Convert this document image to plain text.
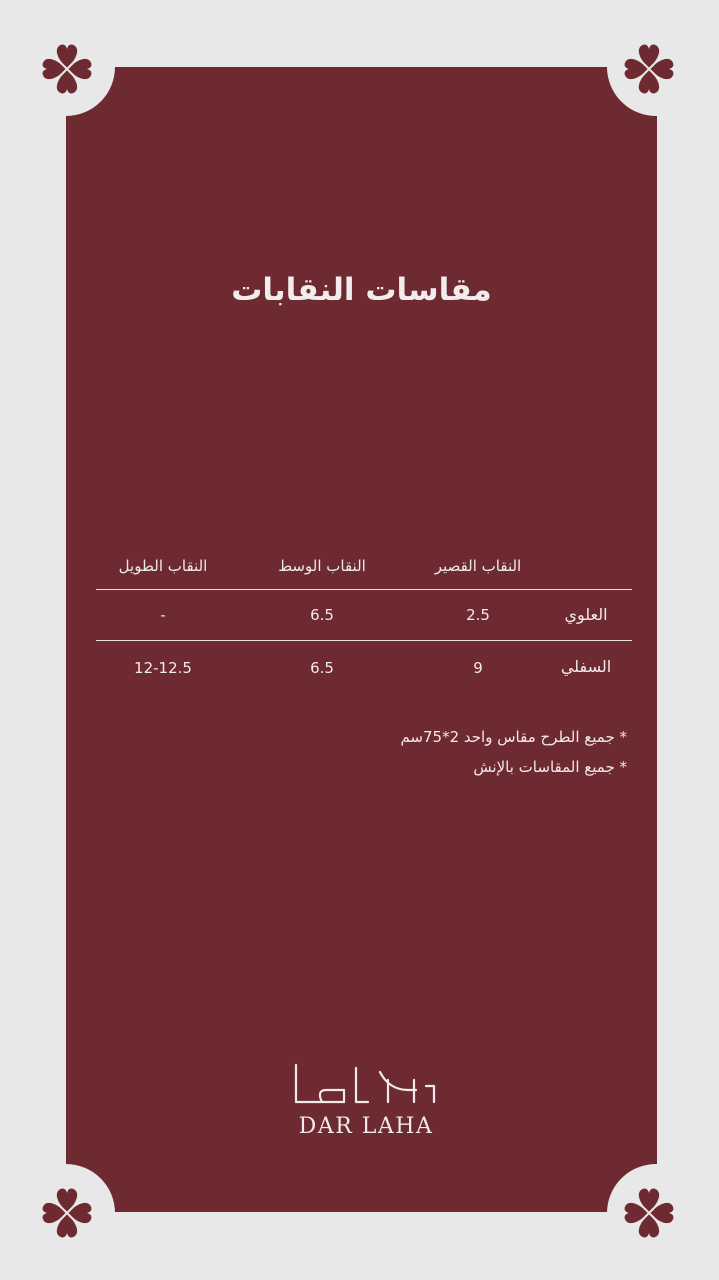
مقاسات النقابات
النقاب القصير
النقاب الوسط
النقاب الطويل
العلوي
2.5
6.5
-
السفلي
9
6.5
12-12.5
* جميع الطرح مقاس واحد 2*75سم
* جميع المقاسات بالإنش
DAR LAHA
